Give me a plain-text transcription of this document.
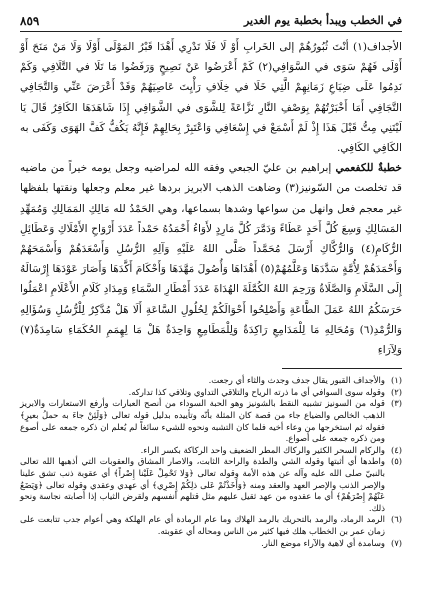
في الخطب ويبدأ بخطبة يوم الغدير
٨٥٩

الأجداف(١) أنْتَ ثُبُورُهُمْ إلى الخَرابِ أَوْ لَا فَلَا تَدْرِي أَهْدَا قَبْرُ المَوْلَى أَوْلَا وَلَا مَنْ مَنَحَ أَوْ أَوْلَى فَهُمْ سَوَى في السَّوَافِي(٢) كَمْ أَعْرَضُوا عَنْ نَصِيحٍ وَرَفَضُوا مَا تَلَا في التَّلَافِي وَكَمْ نَدِمُوا عَلَى ضِيَاعِ زَمَانِهِمْ الَّتِي خَلَا في خِلَافِ رَأْيِتَ عَاصِيَهُمْ وَقَدْ أَعْرَضَ عَنِّي وَالتَّجَافِي التَّجَافِي أَمَا أَخْبَرْتُهُمْ بِوَصْفِ النَّارِ نَزَّاعَةً لِلشَّوَى في الشَّوَافِي إِذَا شَاهَدَهَا الكَافِرُ قَالَ يَا لَيْتَنِي مِتُّ قَبْلَ هَذَا إِذْ لَمْ أَسْمَعْ في إِسْعَافِي وَاعْتَبِرْ بِحَالِهِمْ فَإِنَّهُ يَكُفُّ كَفَّ الهَوَى وَكَفَى به الكَافِي الكَافِي.

خطبةٌ للكفعمي إبراهيم بن عليّ الجبعي وفقه الله لمراضيه وجعل يومه خيراً من ماضيه قد تخلصت من السّونيز(٣) وضاهت الذهب الابريز بردها غير معلم وجعلها ونقتها بلفظها غير معجم فعل وانهل من سواعها وشدها بسماعها، وهي الحَمْدُ لله مَالِكِ المَمَالِكِ وَمُمَهِّدِ المَسَالِكِ وَسِعَ كُلَّ أَحَدٍ عَطَاءً وَدَمَّرَ كُلَّ مَارِدٍ لأَوَاءُ أَحْمَدُهُ حَمْداً عَدَدَ أَرْوَاحِ الأَمْلَاكِ وَعَطَائِلِ الرُّكَامِ(٤) وَالرُّكَّاكِ أَرْسَلَ مُحَمَّداً صَلَّى اللهُ عَلَيْهِ وَآلِهِ الرُّسُلِ وَأَسْعَدَهُمْ وَأَسْمَحَهُمْ وَأَحْمَدَهُمْ لِأُمَّةٍ سَدَّدَهَا وَعَلَّمُهُمْ(٥) أَهْدَاهَا وَأُصُولَ مَهَّدَهَا وَأَحْكَامَ أَكَّدَهَا وَأَصَارَ عَوْدَهَا إِرْسَالَهُ إِلَى السَّلَامِ وَالصَّلَاةُ وَرَحِمَ اللهُ الكُمَّلَةَ الهُدَاةَ عَدَدَ أَمْطَارِ السَّمَاءِ وَمِدَادِ كَلَامِ الأَعْلَامِ اعْمَلُوا حَرَسَكُمُ اللهُ عَمَلَ الطَّاعَةِ وَأَصْلِحُوا أَحْوَالَكُمْ لِحُلُولِ السَّاعَةِ أَلَا هَلْ مُدَّكِرٌ لِلْرُّسُلِ وَسُؤَالِهِ وَالرُّمْدِ(٦) وَمُحَالِهِ مَا لِلْمَدَامِعِ رَاكِدَةٌ وَلِلْمَطَامِعِ وَاحِدَةٌ هَلْ مَا لِهِمَمِ الحُكَمَاءِ سَامِدَةٌ(٧) وَلِآرَاءِ

(١)
والأجداف القبور يقال جدف وجدث والثاء أي رجعت.
(٢)
وقوله سوى السوافي أي ما ذرته الرياح والتلاقي التداوي وتلافي كذا تداركه.
(٣)
قوله من السونيز تشبيه النقط بالشونيز وهو الحبة السوداء من أنصح العبارات وأرفع الاستعارات والابريز الذهب الخالص والضياع جاء من قصة كان المثلة بأنّه وتأييده بدليل قوله تعالى ﴿وَلَئِنْ جاءَ به حملُ بعيرٍ﴾ فقوله ثم استخرجها من وعاء أخيه فلما كان التشبه ونحوه للشيء سائغاً لم يُعلم ان ذكره جمعه على أصوع ومن ذكره جمعه على أصواع.
(٤)
والركام السحر الكثير والركاك المطر الضعيف واحد الركاكة بكسر الراء.
(٥)
واطدها أي أثبتها وقوله الشي والطدة والراحة الثابت، والاصار المشاق والعقوبات التي أذهبها الله تعالى بالنبيّ صلى الله عليه وآله عن هذه الأمة وقوله تعالى ﴿وَلا تَحْمِلْ عَلَيْنا إِصْراً﴾ أي عقوبة ذنب تشق علينا والإصر الذنب والإصر العهد والعقد ومنه ﴿وَأَخَذْتُمْ عَلى ذلِكُمْ إِصْرِي﴾ أي عهدي وعقدي وقوله تعالى ﴿وَيَضَعُ عَنْهُمْ إِصْرَهُمْ﴾ أي ما عقدوه من عهد ثقيل عليهم مثل قتلهم أنفسهم ولقرض الثياب إذا أصابته نجاسة ونحو ذلك.
(٦)
الرمد الرماد، والرمد بالتحريك بالرمد الهلاك وما عام الرمادة أي عام الهلكة وهي أعوام جدب تتابعت على زمان عمر بن الخطاب هلك فيها كثير من الناس ومحاله أي عقوبته.
(٧)
وسامدة أي لاهية والآراء موضع النار.
